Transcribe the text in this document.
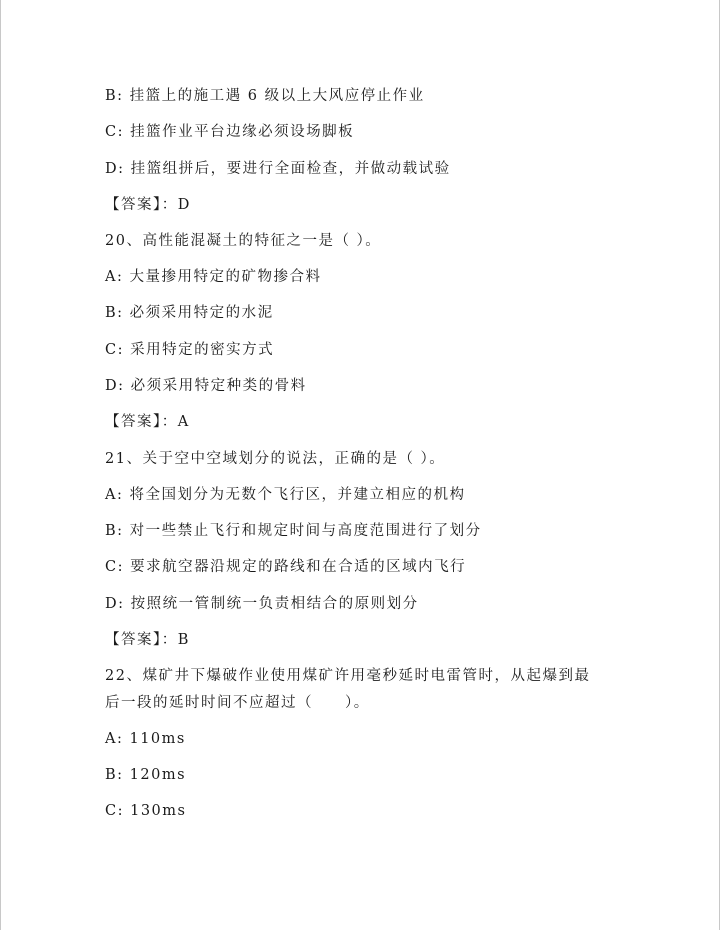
B: 挂篮上的施工遇 6 级以上大风应停止作业
C: 挂篮作业平台边缘必须设场脚板
D: 挂篮组拼后，要进行全面检查，并做动载试验
【答案】：D
20、高性能混凝土的特征之一是（ ）。
A: 大量掺用特定的矿物掺合料
B: 必须采用特定的水泥
C: 采用特定的密实方式
D: 必须采用特定种类的骨料
【答案】：A
21、关于空中空域划分的说法，正确的是（ ）。
A: 将全国划分为无数个飞行区，并建立相应的机构
B: 对一些禁止飞行和规定时间与高度范围进行了划分
C: 要求航空器沿规定的路线和在合适的区域内飞行
D: 按照统一管制统一负责相结合的原则划分
【答案】：B
22、煤矿井下爆破作业使用煤矿许用毫秒延时电雷管时，从起爆到最
后一段的延时时间不应超过（　　）。
A: 110ms
B: 120ms
C: 130ms
